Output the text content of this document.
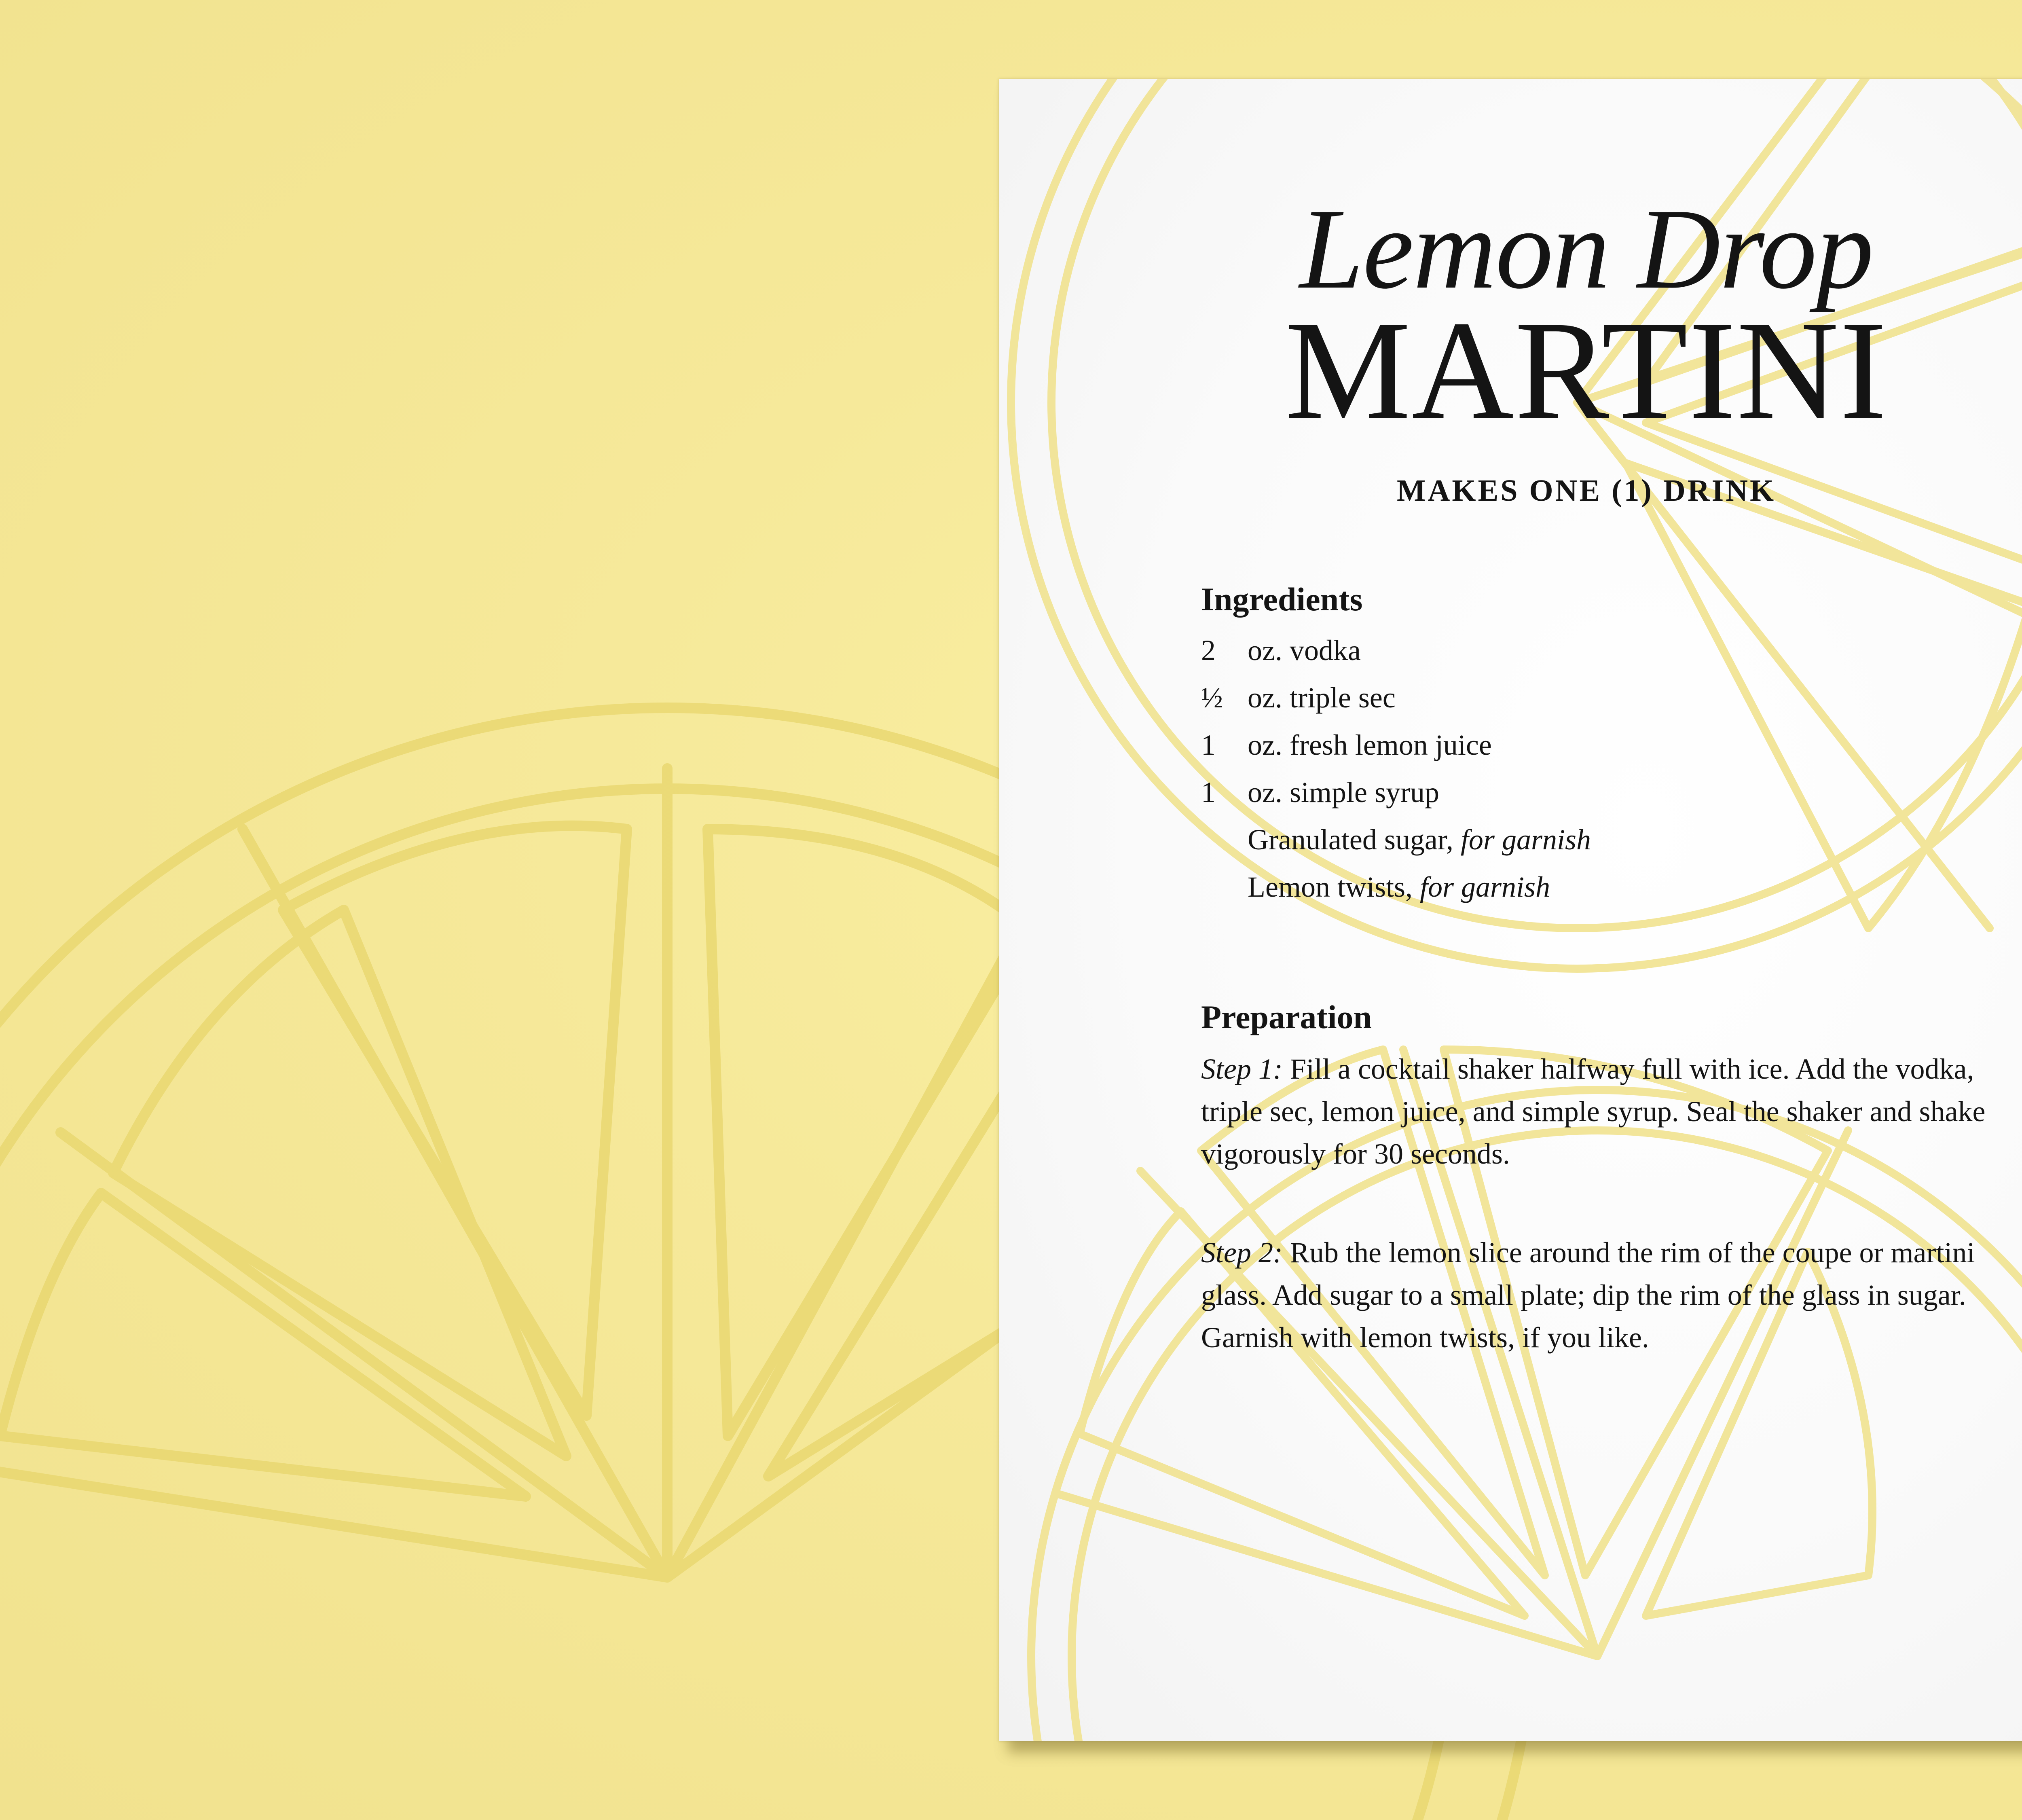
Lemon Drop
MARTINI
MAKES ONE (1) DRINK
Ingredients
2	oz. vodka
½ oz. triple sec
1	oz. fresh lemon juice
1	oz. simple syrup
Granulated sugar, for garnish
Lemon twists, for garnish
Preparation
Step 1: Fill a cocktail shaker halfway full with ice. Add the vodka, triple sec, lemon juice, and simple syrup. Seal the shaker and shake vigorously for 30 seconds.
Step 2: Rub the lemon slice around the rim of the coupe or martini glass. Add sugar to a small plate; dip the rim of the glass in sugar. Garnish with lemon twists, if you like.
